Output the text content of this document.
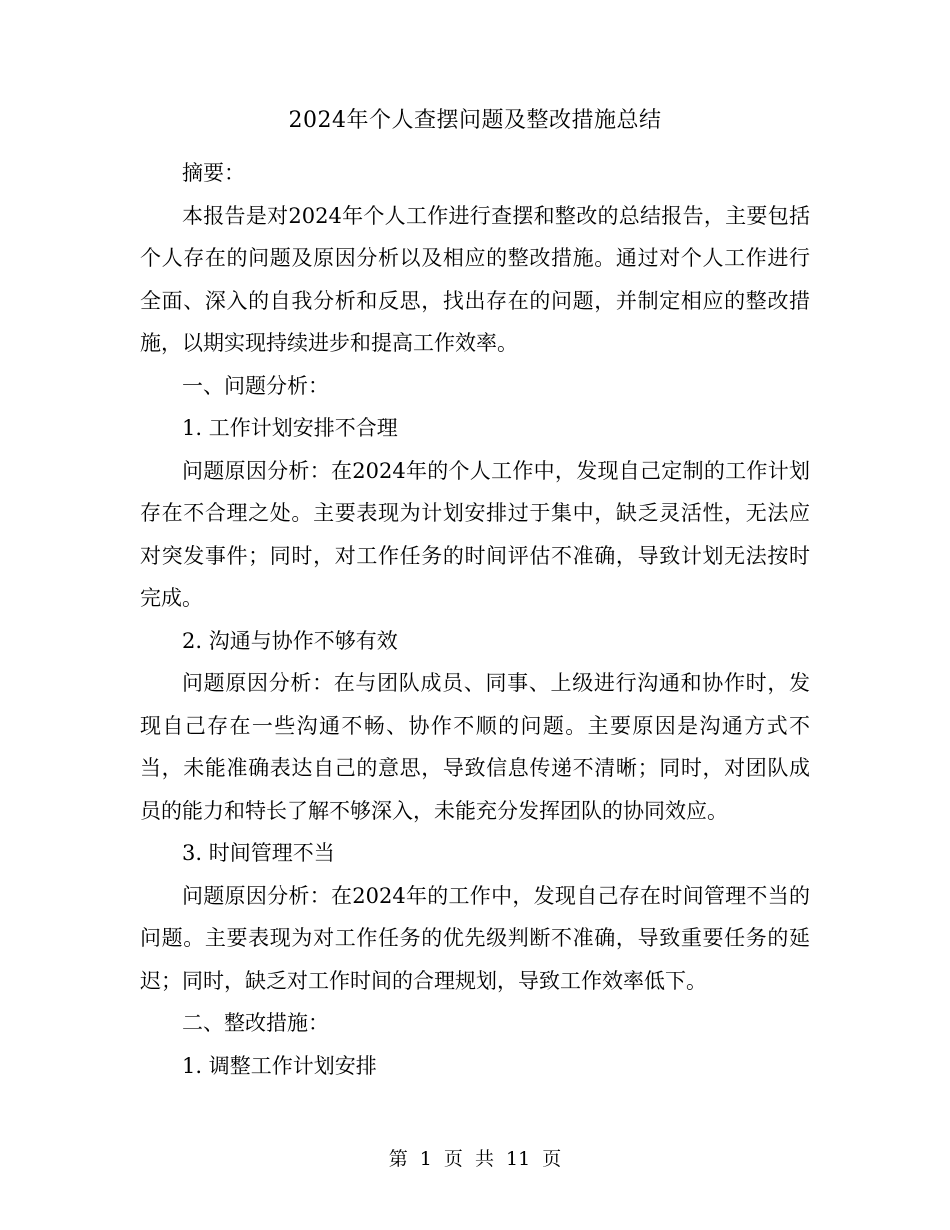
2024年个人查摆问题及整改措施总结

摘要：

本报告是对2024年个人工作进行查摆和整改的总结报告，主要包括个人存在的问题及原因分析以及相应的整改措施。通过对个人工作进行全面、深入的自我分析和反思，找出存在的问题，并制定相应的整改措施，以期实现持续进步和提高工作效率。

一、问题分析：

1. 工作计划安排不合理

问题原因分析：在2024年的个人工作中，发现自己定制的工作计划存在不合理之处。主要表现为计划安排过于集中，缺乏灵活性，无法应对突发事件；同时，对工作任务的时间评估不准确，导致计划无法按时完成。

2. 沟通与协作不够有效

问题原因分析：在与团队成员、同事、上级进行沟通和协作时，发现自己存在一些沟通不畅、协作不顺的问题。主要原因是沟通方式不当，未能准确表达自己的意思，导致信息传递不清晰；同时，对团队成员的能力和特长了解不够深入，未能充分发挥团队的协同效应。

3. 时间管理不当

问题原因分析：在2024年的工作中，发现自己存在时间管理不当的问题。主要表现为对工作任务的优先级判断不准确，导致重要任务的延迟；同时，缺乏对工作时间的合理规划，导致工作效率低下。

二、整改措施：

1. 调整工作计划安排

第 1 页 共 11 页
